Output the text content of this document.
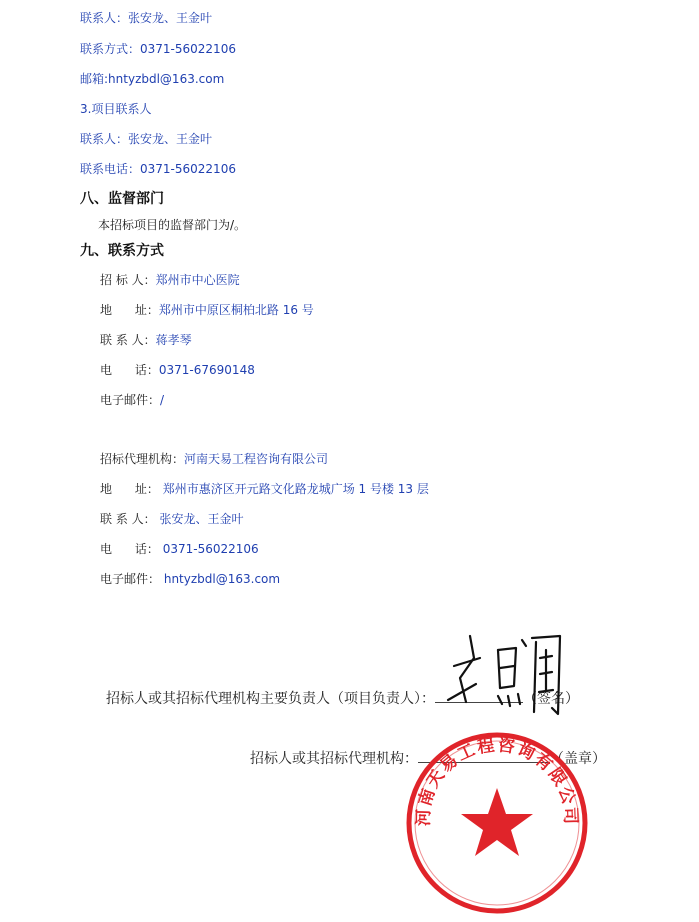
联系人：张安龙、王金叶
联系方式：0371-56022106
邮箱:hntyzbdl@163.com
3.项目联系人
联系人：张安龙、王金叶
联系电话：0371-56022106
八、监督部门
本招标项目的监督部门为/。
九、联系方式
招 标 人：郑州市中心医院
地      址：郑州市中原区桐柏北路 16 号
联 系 人：蒋孝琴
电      话：0371-67690148
电子邮件：/
招标代理机构：河南天易工程咨询有限公司
地      址： 郑州市惠济区开元路文化路龙城广场 1 号楼 13 层
联 系 人： 张安龙、王金叶
电      话： 0371-56022106
电子邮件： hntyzbdl@163.com
招标人或其招标代理机构主要负责人（项目负责人）：	（签名）
招标人或其招标代理机构：	（盖章）
河南天易工程咨询有限公司
